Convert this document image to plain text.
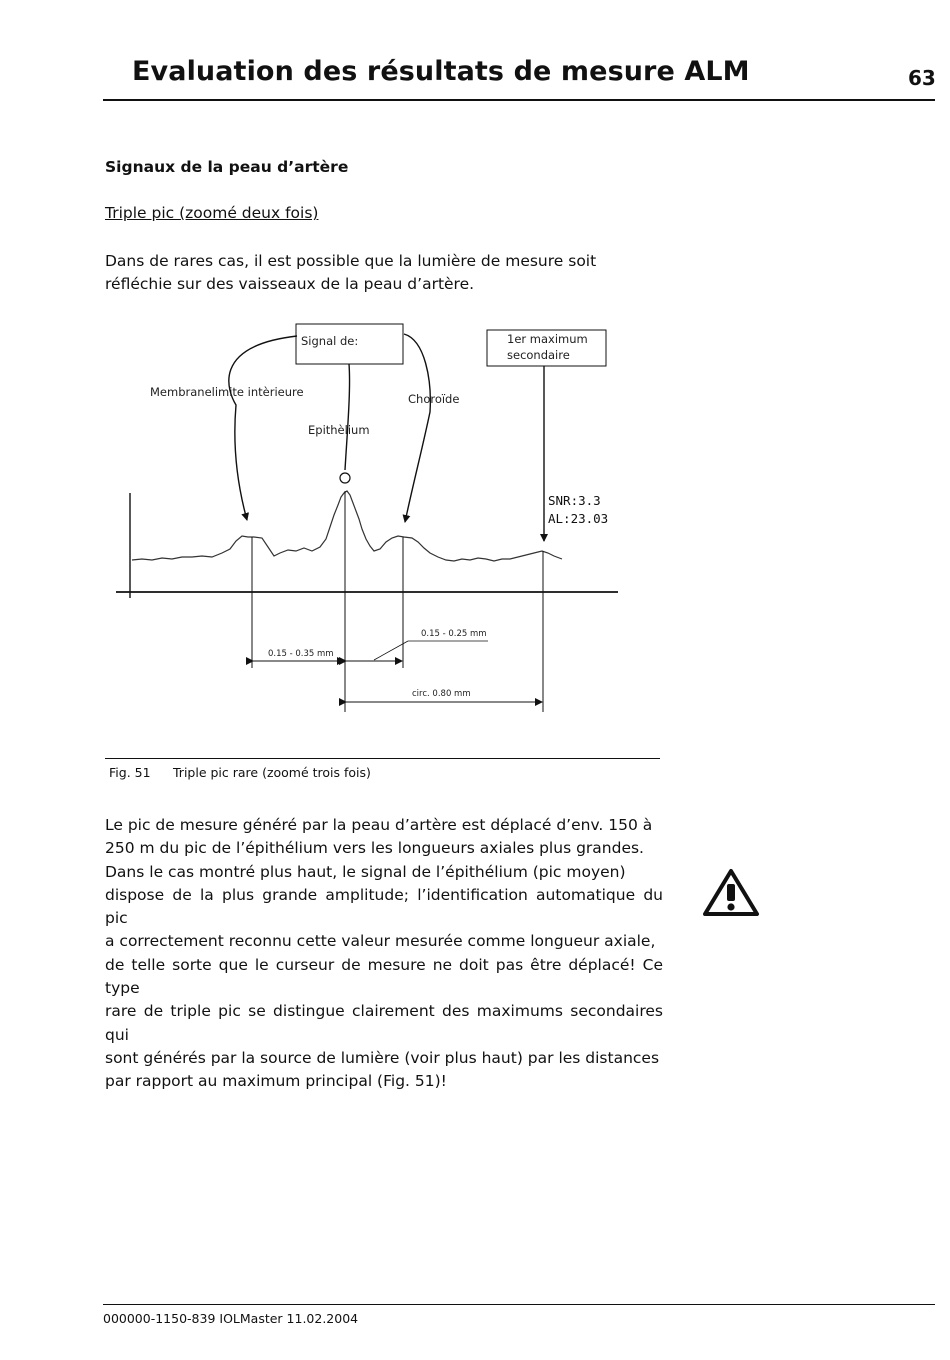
Evaluation des résultats de mesure ALM	63
Signaux de la peau d’artère
Triple pic (zoomé deux fois)
Dans de rares cas, il est possible que la lumière de mesure soit réfléchie sur des vaisseaux de la peau d’artère.
Signal de:	1er maximum
secondaire
Membranelimite intèrieure	Choroïde
Epithèlium
SNR:3.3
AL:23.03
0.15 - 0.35 mm
0.15 - 0.25 mm
circ. 0.80 mm
Fig. 51 Triple pic rare (zoomé trois fois)
Le pic de mesure généré par la peau d’artère est déplacé d’env. 150 à
250 m du pic de l’épithélium vers les longueurs axiales plus grandes.
Dans le cas montré plus haut, le signal de l’épithélium (pic moyen)
dispose de la plus grande amplitude; l’identification automatique du pic
a correctement reconnu cette valeur mesurée comme longueur axiale,
de telle sorte que le curseur de mesure ne doit pas être déplacé! Ce type
rare de triple pic se distingue clairement des maximums secondaires qui
sont générés par la source de lumière (voir plus haut) par les distances
par rapport au maximum principal (Fig. 51)!
000000-1150-839 IOLMaster 11.02.2004
